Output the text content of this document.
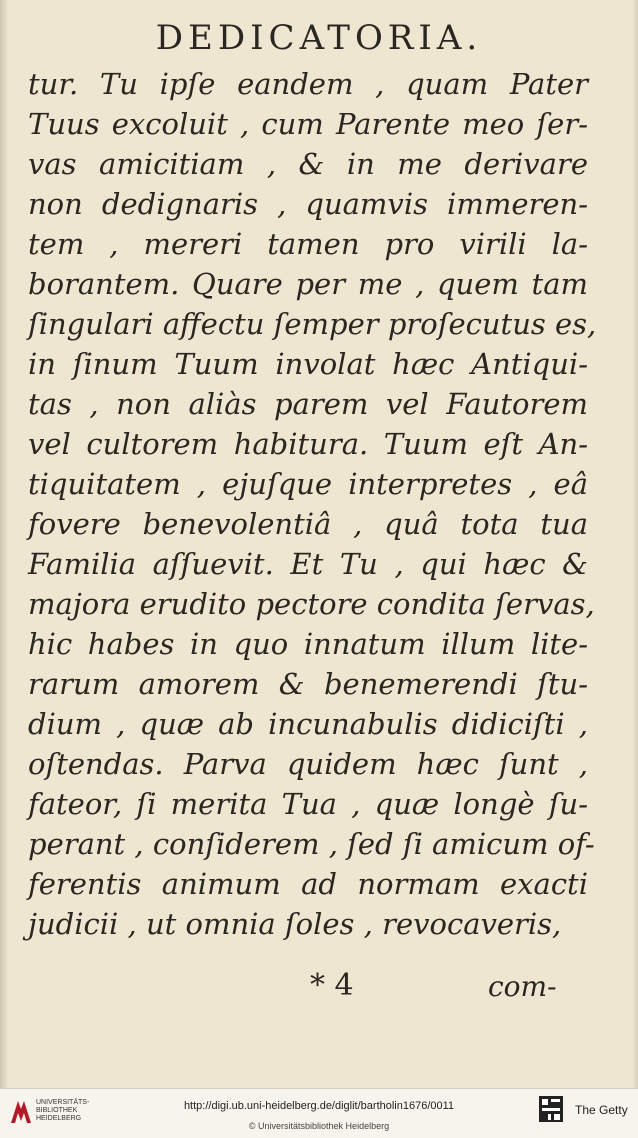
DEDICATORIA.
tur. Tu ipſe eandem , quam Pater
Tuus excoluit , cum Parente meo ſer-
vas amicitiam , & in me derivare
non dedignaris , quamvis immeren-
tem , mereri tamen pro virili la-
borantem. Quare per me , quem tam
ſingulari affectu ſemper proſecutus es,
in ſinum Tuum involat hæc Antiqui-
tas , non aliàs parem vel Fautorem
vel cultorem habitura. Tuum eſt An-
tiquitatem , ejuſque interpretes , eâ
fovere benevolentiâ , quâ tota tua
Familia aſſuevit. Et Tu , qui hæc &
majora erudito pectore condita ſervas,
hic habes in quo innatum illum lite-
rarum amorem & benemerendi ſtu-
dium , quæ ab incunabulis didiciſti ,
oſtendas. Parva quidem hæc ſunt ,
fateor, ſi merita Tua , quæ longè ſu-
perant , conſiderem , ſed ſi amicum of-
ferentis animum ad normam exacti
judicii , ut omnia ſoles , revocaveris,
* 4	com-
UNIVERSITÄTS-
BIBLIOTHEK
HEIDELBERG
http://digi.ub.uni-heidelberg.de/diglit/bartholin1676/0011
© Universitätsbibliothek Heidelberg
The Getty
